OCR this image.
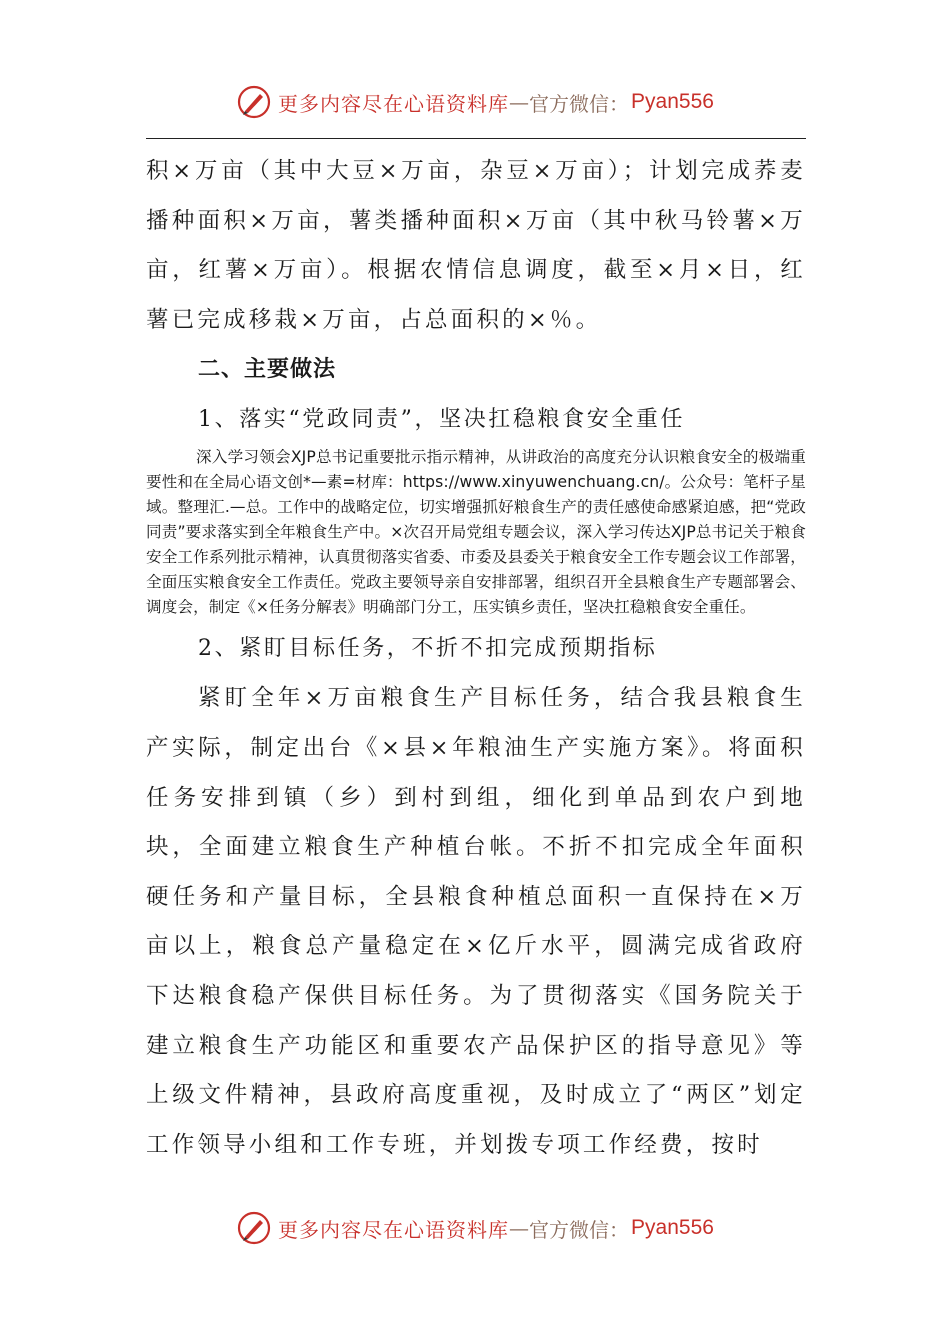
更多内容尽在心语资料库 — 官方微信： Pyan556

积×万亩（其中大豆×万亩，杂豆×万亩）；计划完成荞麦播种面积×万亩，薯类播种面积×万亩（其中秋马铃薯×万亩，红薯×万亩）。根据农情信息调度，截至×月×日，红薯已完成移栽×万亩，占总面积的×％。

二、主要做法

1、落实“党政同责”，坚决扛稳粮食安全重任

深入学习领会XJP总书记重要批示指示精神，从讲政治的高度充分认识粮食安全的极端重要性和在全局心语文创*—素=材库：https://www.xinyuwenchuang.cn/。公众号：笔杆子星域。整理汇.—总。工作中的战略定位，切实增强抓好粮食生产的责任感使命感紧迫感，把“党政同责”要求落实到全年粮食生产中。×次召开局党组专题会议，深入学习传达XJP总书记关于粮食安全工作系列批示精神，认真贯彻落实省委、市委及县委关于粮食安全工作专题会议工作部署，全面压实粮食安全工作责任。党政主要领导亲自安排部署，组织召开全县粮食生产专题部署会、调度会，制定《×任务分解表》明确部门分工，压实镇乡责任，坚决扛稳粮食安全重任。

2、紧盯目标任务，不折不扣完成预期指标

紧盯全年×万亩粮食生产目标任务，结合我县粮食生产实际，制定出台《×县×年粮油生产实施方案》。将面积任务安排到镇（乡）到村到组，细化到单品到农户到地块，全面建立粮食生产种植台帐。不折不扣完成全年面积硬任务和产量目标，全县粮食种植总面积一直保持在×万亩以上，粮食总产量稳定在×亿斤水平，圆满完成省政府下达粮食稳产保供目标任务。为了贯彻落实《国务院关于建立粮食生产功能区和重要农产品保护区的指导意见》等上级文件精神，县政府高度重视，及时成立了“两区”划定工作领导小组和工作专班，并划拨专项工作经费，按时

更多内容尽在心语资料库 — 官方微信： Pyan556
